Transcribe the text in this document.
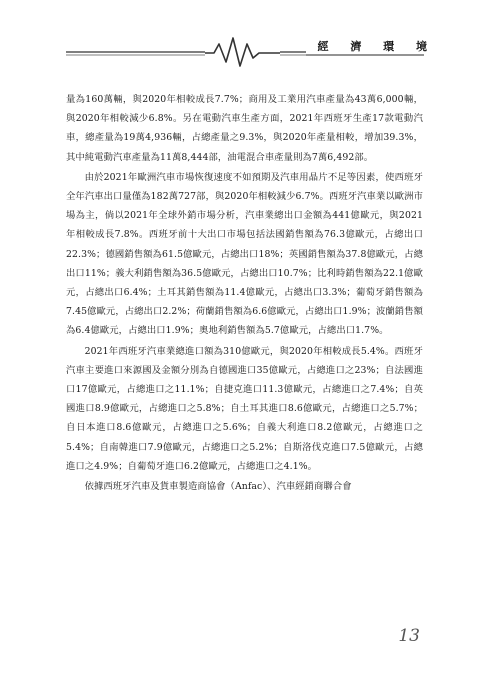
經 濟 環 境

量為160萬輛，與2020年相較成長7.7%；商用及工業用汽車產量為43萬6,000輛，與2020年相較減少6.8%。另在電動汽車生產方面，2021年西班牙生產17款電動汽車，總產量為19萬4,936輛，占總產量之9.3%，與2020年產量相較，增加39.3%，其中純電動汽車產量為11萬8,444部，油電混合車產量則為7萬6,492部。

由於2021年歐洲汽車市場恢復速度不如預期及汽車用晶片不足等因素，使西班牙全年汽車出口量僅為182萬727部，與2020年相較減少6.7%。西班牙汽車業以歐洲市場為主，倘以2021年全球外銷市場分析，汽車業總出口金額為441億歐元，與2021年相較成長7.8%。西班牙前十大出口市場包括法國銷售額為76.3億歐元，占總出口22.3%；德國銷售額為61.5億歐元，占總出口18%；英國銷售額為37.8億歐元，占總出口11%；義大利銷售額為36.5億歐元，占總出口10.7%；比利時銷售額為22.1億歐元，占總出口6.4%；土耳其銷售額為11.4億歐元，占總出口3.3%；葡萄牙銷售額為7.45億歐元，占總出口2.2%；荷蘭銷售額為6.6億歐元，占總出口1.9%；波蘭銷售額為6.4億歐元，占總出口1.9%；奧地利銷售額為5.7億歐元，占總出口1.7%。

2021年西班牙汽車業總進口額為310億歐元，與2020年相較成長5.4%。西班牙汽車主要進口來源國及金額分別為自德國進口35億歐元，占總進口之23%；自法國進口17億歐元，占總進口之11.1%；自捷克進口11.3億歐元，占總進口之7.4%；自英國進口8.9億歐元，占總進口之5.8%；自土耳其進口8.6億歐元，占總進口之5.7%；自日本進口8.6億歐元，占總進口之5.6%；自義大利進口8.2億歐元，占總進口之5.4%；自南韓進口7.9億歐元，占總進口之5.2%；自斯洛伐克進口7.5億歐元，占總進口之4.9%；自葡萄牙進口6.2億歐元，占總進口之4.1%。

依據西班牙汽車及貨車製造商協會（Anfac）、汽車經銷商聯合會

13
